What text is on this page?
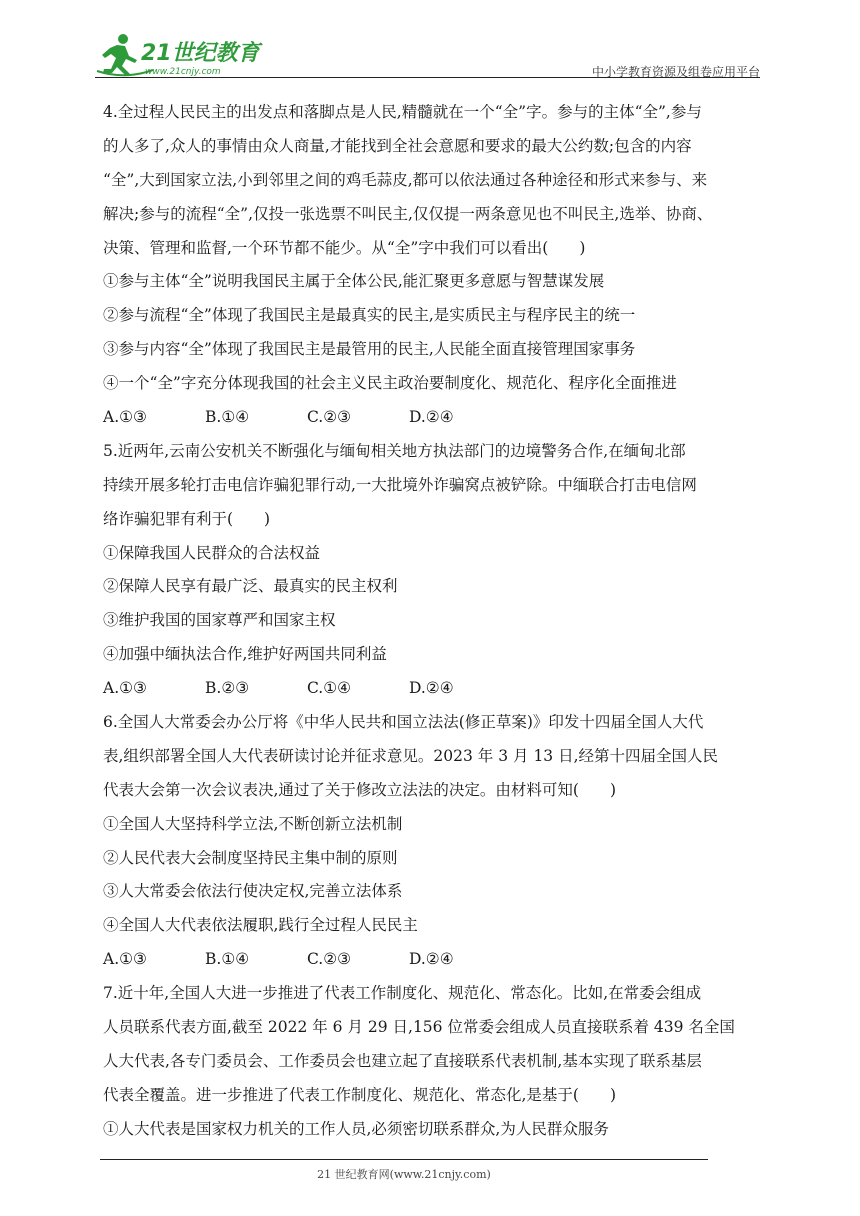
21世纪教育
www.21cnjy.com	中小学教育资源及组卷应用平台
4.全过程人民民主的出发点和落脚点是人民,精髓就在一个“全”字。参与的主体“全”,参与
的人多了,众人的事情由众人商量,才能找到全社会意愿和要求的最大公约数;包含的内容
“全”,大到国家立法,小到邻里之间的鸡毛蒜皮,都可以依法通过各种途径和形式来参与、来
解决;参与的流程“全”,仅投一张选票不叫民主,仅仅提一两条意见也不叫民主,选举、协商、
决策、管理和监督,一个环节都不能少。从“全”字中我们可以看出(　　)
①参与主体“全”说明我国民主属于全体公民,能汇聚更多意愿与智慧谋发展
②参与流程“全”体现了我国民主是最真实的民主,是实质民主与程序民主的统一
③参与内容“全”体现了我国民主是最管用的民主,人民能全面直接管理国家事务
④一个“全”字充分体现我国的社会主义民主政治要制度化、规范化、程序化全面推进
A.①③	B.①④	C.②③	D.②④
5.近两年,云南公安机关不断强化与缅甸相关地方执法部门的边境警务合作,在缅甸北部
持续开展多轮打击电信诈骗犯罪行动,一大批境外诈骗窝点被铲除。中缅联合打击电信网
络诈骗犯罪有利于(　　)
①保障我国人民群众的合法权益
②保障人民享有最广泛、最真实的民主权利
③维护我国的国家尊严和国家主权
④加强中缅执法合作,维护好两国共同利益
A.①③	B.②③	C.①④	D.②④
6.全国人大常委会办公厅将《中华人民共和国立法法(修正草案)》印发十四届全国人大代
表,组织部署全国人大代表研读讨论并征求意见。2023 年 3 月 13 日,经第十四届全国人民
代表大会第一次会议表决,通过了关于修改立法法的决定。由材料可知(　　)
①全国人大坚持科学立法,不断创新立法机制
②人民代表大会制度坚持民主集中制的原则
③人大常委会依法行使决定权,完善立法体系
④全国人大代表依法履职,践行全过程人民民主
A.①③	B.①④	C.②③	D.②④
7.近十年,全国人大进一步推进了代表工作制度化、规范化、常态化。比如,在常委会组成
人员联系代表方面,截至 2022 年 6 月 29 日,156 位常委会组成人员直接联系着 439 名全国
人大代表,各专门委员会、工作委员会也建立起了直接联系代表机制,基本实现了联系基层
代表全覆盖。进一步推进了代表工作制度化、规范化、常态化,是基于(　　)
①人大代表是国家权力机关的工作人员,必须密切联系群众,为人民群众服务
21 世纪教育网(www.21cnjy.com)
